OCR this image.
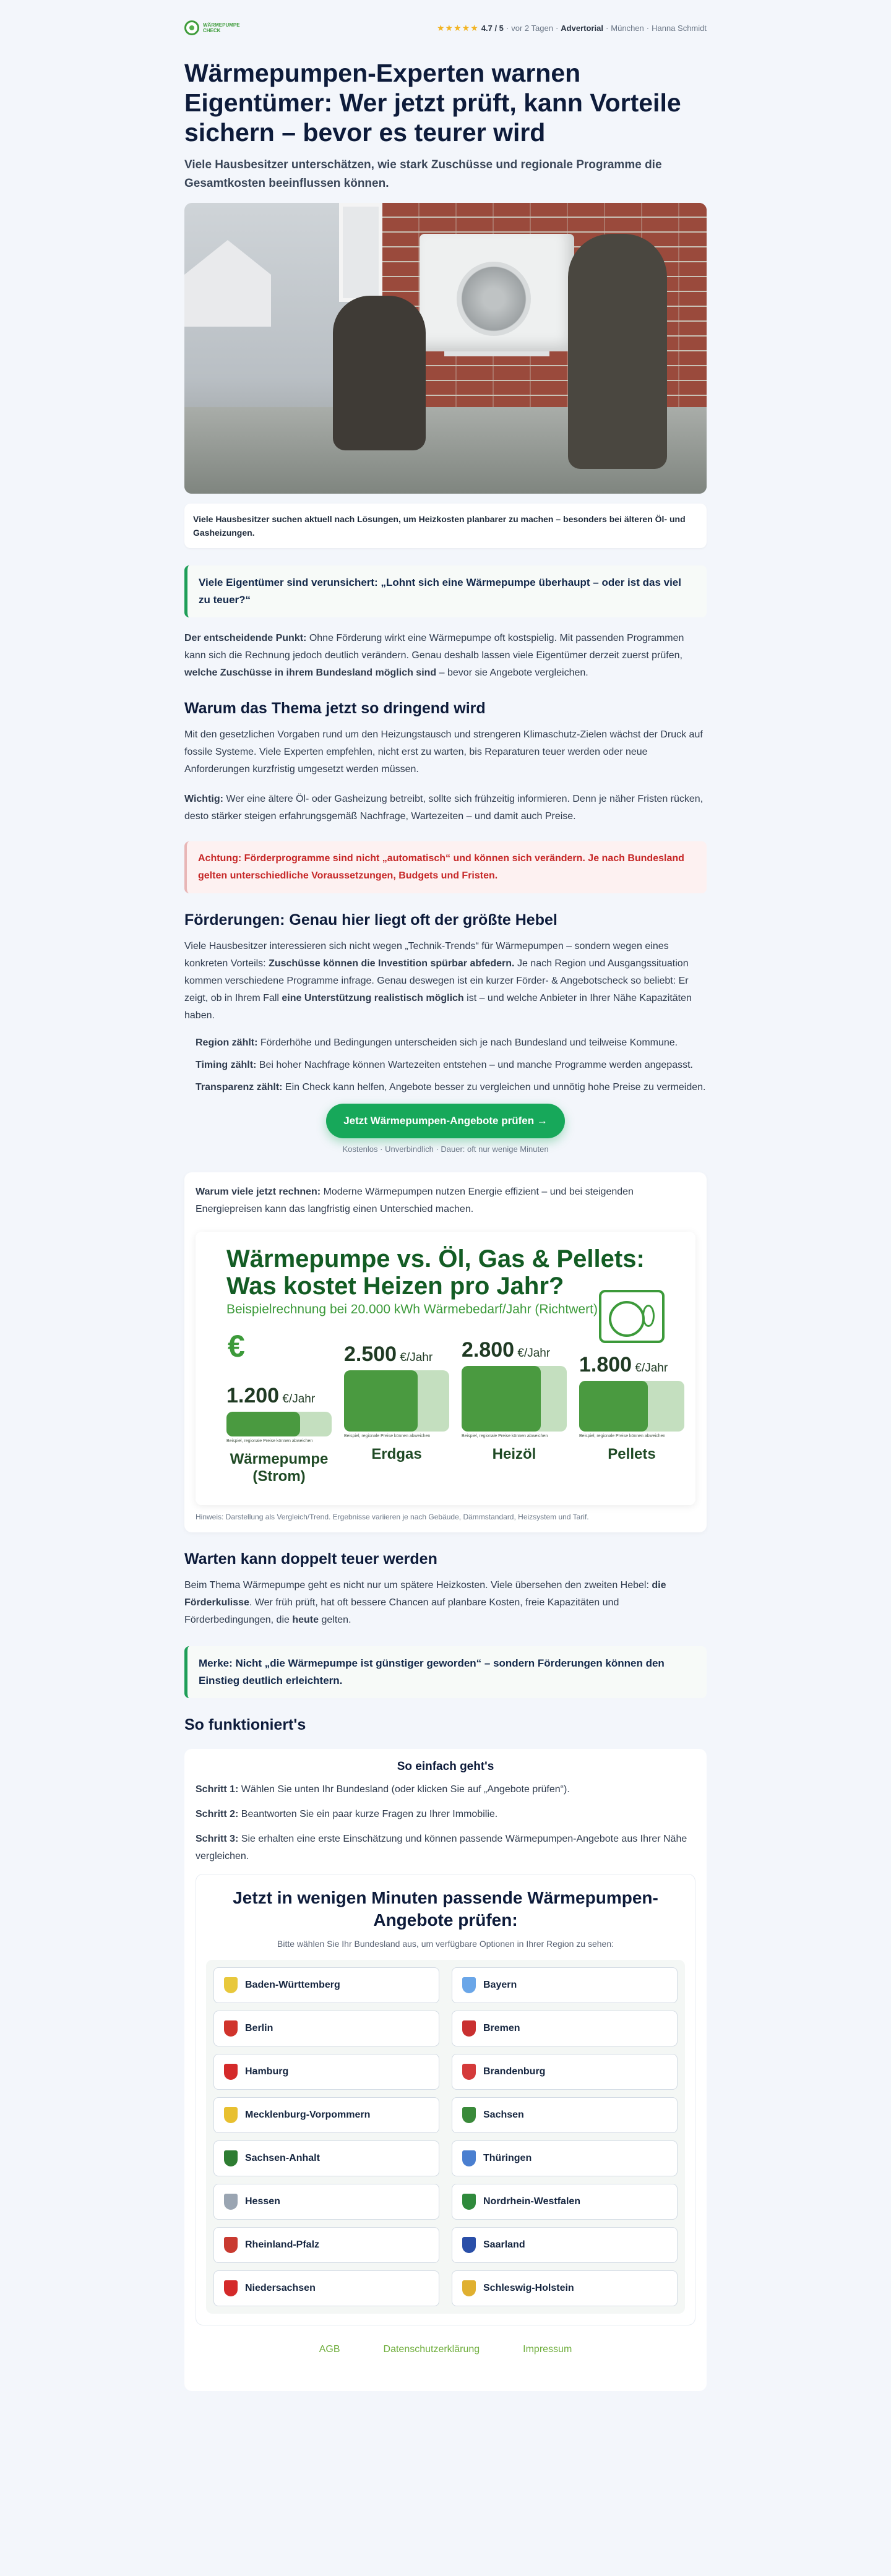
WÄRMEPUMPE
CHECK	★★★★★ 4.7 / 5 · vor 2 Tagen · Advertorial · München · Hanna Schmidt
Wärmepumpen-Experten warnen Eigentümer: Wer jetzt prüft, kann Vorteile sichern – bevor es teurer wird
Viele Hausbesitzer unterschätzen, wie stark Zuschüsse und regionale Programme die Gesamtkosten beeinflussen können.
Viele Hausbesitzer suchen aktuell nach Lösungen, um Heizkosten planbarer zu machen – besonders bei älteren Öl- und Gasheizungen.
Viele Eigentümer sind verunsichert: „Lohnt sich eine Wärmepumpe überhaupt – oder ist das viel zu teuer?“

Der entscheidende Punkt: Ohne Förderung wirkt eine Wärmepumpe oft kostspielig. Mit passenden Programmen kann sich die Rechnung jedoch deutlich verändern. Genau deshalb lassen viele Eigentümer derzeit zuerst prüfen, welche Zuschüsse in ihrem Bundesland möglich sind – bevor sie Angebote vergleichen.

Warum das Thema jetzt so dringend wird

Mit den gesetzlichen Vorgaben rund um den Heizungstausch und strengeren Klimaschutz-Zielen wächst der Druck auf fossile Systeme. Viele Experten empfehlen, nicht erst zu warten, bis Reparaturen teuer werden oder neue Anforderungen kurzfristig umgesetzt werden müssen.

Wichtig: Wer eine ältere Öl- oder Gasheizung betreibt, sollte sich frühzeitig informieren. Denn je näher Fristen rücken, desto stärker steigen erfahrungsgemäß Nachfrage, Wartezeiten – und damit auch Preise.

Achtung: Förderprogramme sind nicht „automatisch“ und können sich verändern. Je nach Bundesland gelten unterschiedliche Voraussetzungen, Budgets und Fristen.
Förderungen: Genau hier liegt oft der größte Hebel

Viele Hausbesitzer interessieren sich nicht wegen „Technik-Trends“ für Wärmepumpen – sondern wegen eines konkreten Vorteils: Zuschüsse können die Investition spürbar abfedern. Je nach Region und Ausgangssituation kommen verschiedene Programme infrage. Genau deswegen ist ein kurzer Förder- & Angebotscheck so beliebt: Er zeigt, ob in Ihrem Fall eine Unterstützung realistisch möglich ist – und welche Anbieter in Ihrer Nähe Kapazitäten haben.

Region zählt: Förderhöhe und Bedingungen unterscheiden sich je nach Bundesland und teilweise Kommune.
Timing zählt: Bei hoher Nachfrage können Wartezeiten entstehen – und manche Programme werden angepasst.
Transparenz zählt: Ein Check kann helfen, Angebote besser zu vergleichen und unnötig hohe Preise zu vermeiden.
Jetzt Wärmepumpen-Angebote prüfen →
Kostenlos · Unverbindlich · Dauer: oft nur wenige Minuten

Warum viele jetzt rechnen: Moderne Wärmepumpen nutzen Energie effizient – und bei steigenden Energiepreisen kann das langfristig einen Unterschied machen.

Wärmepumpe vs. Öl, Gas & Pellets:
Was kostet Heizen pro Jahr?
Beispielrechnung bei 20.000 kWh Wärmebedarf/Jahr (Richtwert)
€
1.200 €/Jahr
Beispiel, regionale Preise können abweichen
Wärmepumpe
(Strom)
2.500 €/Jahr
Beispiel, regionale Preise können abweichen
Erdgas
2.800 €/Jahr
Beispiel, regionale Preise können abweichen
Heizöl
1.800 €/Jahr
Beispiel, regionale Preise können abweichen
Pellets
Hinweis: Darstellung als Vergleich/Trend. Ergebnisse variieren je nach Gebäude, Dämmstandard, Heizsystem und Tarif.
Warten kann doppelt teuer werden

Beim Thema Wärmepumpe geht es nicht nur um spätere Heizkosten. Viele übersehen den zweiten Hebel: die Förderkulisse. Wer früh prüft, hat oft bessere Chancen auf planbare Kosten, freie Kapazitäten und Förderbedingungen, die heute gelten.

Merke: Nicht „die Wärmepumpe ist günstiger geworden“ – sondern Förderungen können den Einstieg deutlich erleichtern.
So funktioniert's
So einfach geht's

Schritt 1: Wählen Sie unten Ihr Bundesland (oder klicken Sie auf „Angebote prüfen“).

Schritt 2: Beantworten Sie ein paar kurze Fragen zu Ihrer Immobilie.

Schritt 3: Sie erhalten eine erste Einschätzung und können passende Wärmepumpen-Angebote aus Ihrer Nähe vergleichen.

Jetzt in wenigen Minuten passende Wärmepumpen-Angebote prüfen:
Bitte wählen Sie Ihr Bundesland aus, um verfügbare Optionen in Ihrer Region zu sehen:
Baden-Württemberg	Bayern
Berlin	Bremen
Hamburg	Brandenburg
Mecklenburg-Vorpommern	Sachsen
Sachsen-Anhalt	Thüringen
Hessen	Nordrhein-Westfalen
Rheinland-Pfalz	Saarland
Niedersachsen	Schleswig-Holstein
AGB	Datenschutzerklärung	Impressum
